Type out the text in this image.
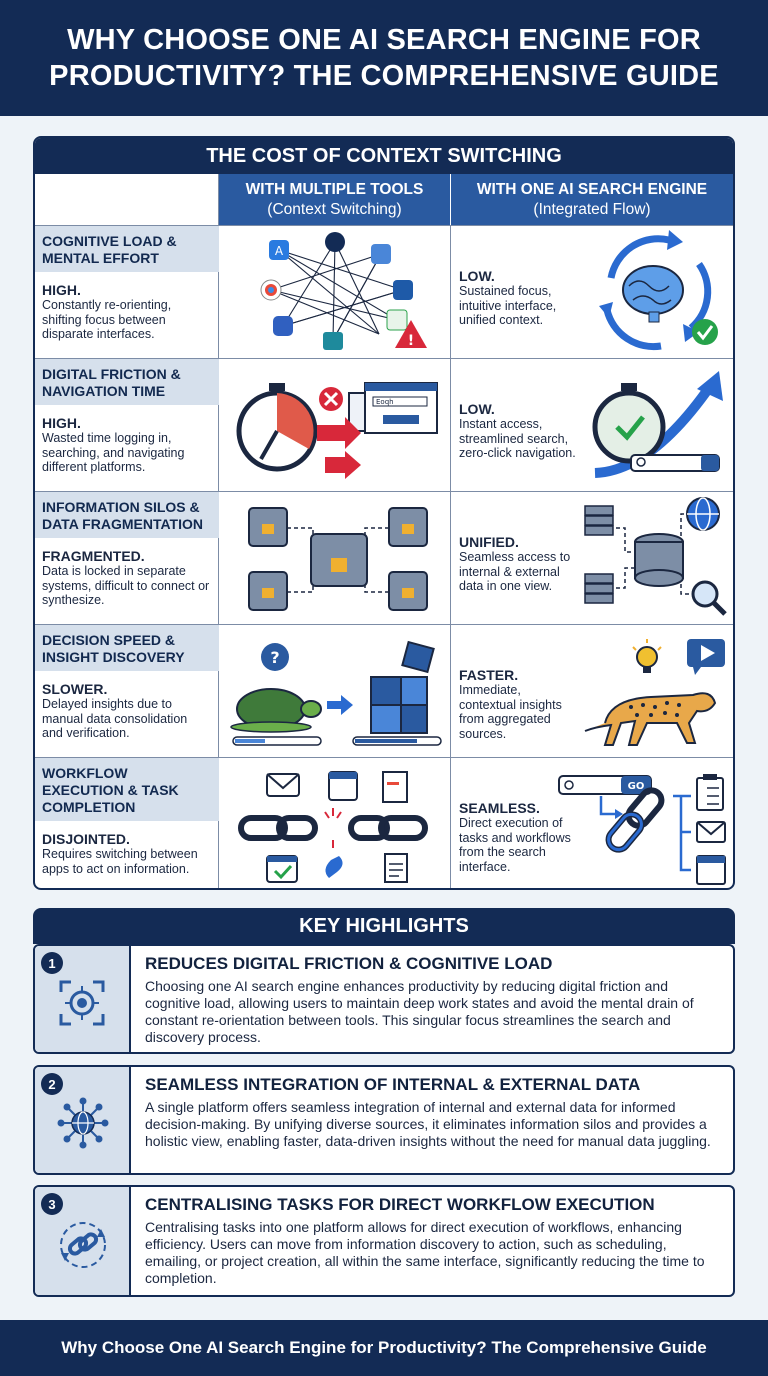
WHY CHOOSE ONE AI SEARCH ENGINE FOR PRODUCTIVITY? THE COMPREHENSIVE GUIDE
THE COST OF CONTEXT SWITCHING
WITH MULTIPLE TOOLS
(Context Switching)
WITH ONE AI SEARCH ENGINE
(Integrated Flow)
COGNITIVE LOAD & MENTAL EFFORT
HIGH.
Constantly re-orienting, shifting focus between disparate interfaces.
A
!
LOW.
Sustained focus, intuitive interface, unified context.
DIGITAL FRICTION & NAVIGATION TIME
HIGH.
Wasted time logging in, searching, and navigating different platforms.
Eoqh	LOW.
Instant access, streamlined search, zero-click navigation.
INFORMATION SILOS & DATA FRAGMENTATION
FRAGMENTED.
Data is locked in separate systems, difficult to connect or synthesize.
UNIFIED.
Seamless access to internal & external data in one view.
DECISION SPEED & INSIGHT DISCOVERY
SLOWER.
Delayed insights due to manual data consolidation and verification.
?
FASTER.
Immediate, contextual insights from aggregated sources.
WORKFLOW EXECUTION & TASK COMPLETION
DISJOINTED.
Requires switching between apps to act on information.
SEAMLESS.
Direct execution of tasks and workflows from the search interface.
GO
KEY HIGHLIGHTS
1	REDUCES DIGITAL FRICTION & COGNITIVE LOAD

Choosing one AI search engine enhances productivity by reducing digital friction and cognitive load, allowing users to maintain deep work states and avoid the mental drain of constant re-orientation between tools. This singular focus streamlines the search and discovery process.

2	SEAMLESS INTEGRATION OF INTERNAL & EXTERNAL DATA

A single platform offers seamless integration of internal and external data for informed decision-making. By unifying diverse sources, it eliminates information silos and provides a holistic view, enabling faster, data-driven insights without the need for manual data juggling.

3	CENTRALISING TASKS FOR DIRECT WORKFLOW EXECUTION

Centralising tasks into one platform allows for direct execution of workflows, enhancing efficiency. Users can move from information discovery to action, such as scheduling, emailing, or project creation, all within the same interface, significantly reducing the time to completion.

Why Choose One AI Search Engine for Productivity? The Comprehensive Guide
